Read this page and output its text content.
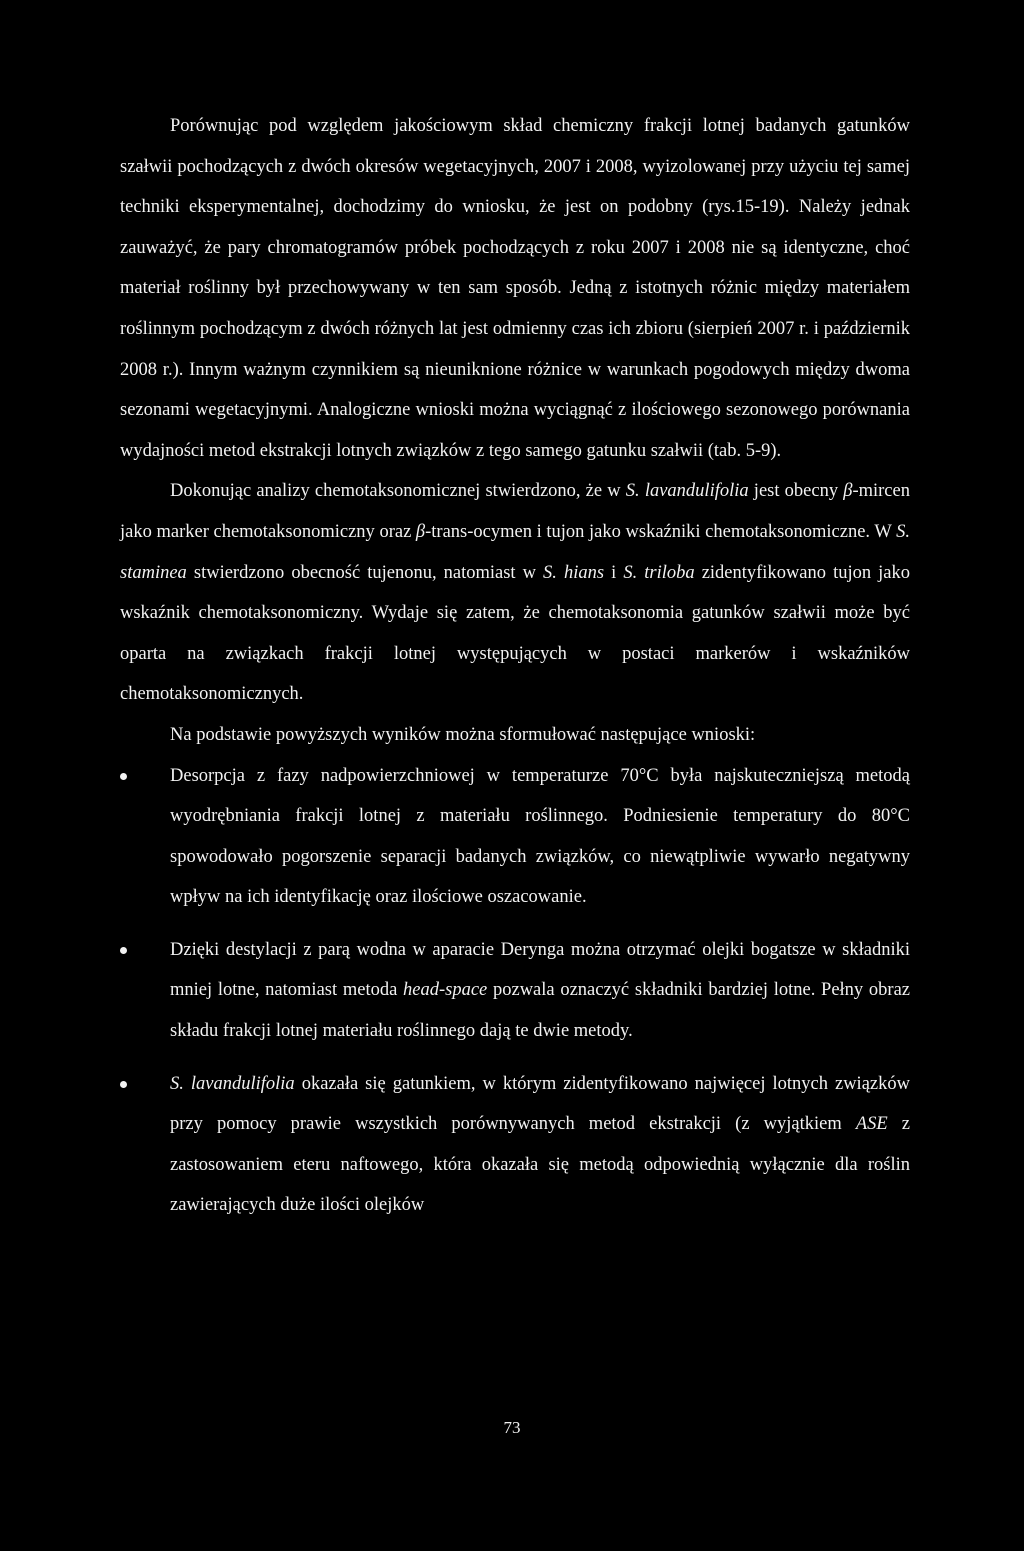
Porównując pod względem jakościowym skład chemiczny frakcji lotnej badanych gatunków szałwii pochodzących z dwóch okresów wegetacyjnych, 2007 i 2008, wyizolowanej przy użyciu tej samej techniki eksperymentalnej, dochodzimy do wniosku, że jest on podobny (rys.15-19). Należy jednak zauważyć, że pary chromatogramów próbek pochodzących z roku 2007 i 2008 nie są identyczne, choć materiał roślinny był przechowywany w ten sam sposób. Jedną z istotnych różnic między materiałem roślinnym pochodzącym z dwóch różnych lat jest odmienny czas ich zbioru (sierpień 2007 r. i październik 2008 r.). Innym ważnym czynnikiem są nieuniknione różnice w warunkach pogodowych między dwoma sezonami wegetacyjnymi. Analogiczne wnioski można wyciągnąć z ilościowego sezonowego porównania wydajności metod ekstrakcji lotnych związków z tego samego gatunku szałwii (tab. 5-9).

Dokonując analizy chemotaksonomicznej stwierdzono, że w S. lavandulifolia jest obecny β-mircen jako marker chemotaksonomiczny oraz β-trans-ocymen i tujon jako wskaźniki chemotaksonomiczne. W S. staminea stwierdzono obecność tujenonu, natomiast w S. hians i S. triloba zidentyfikowano tujon jako wskaźnik chemotaksonomiczny. Wydaje się zatem, że chemotaksonomia gatunków szałwii może być oparta na związkach frakcji lotnej występujących w postaci markerów i wskaźników chemotaksonomicznych.

Na podstawie powyższych wyników można sformułować następujące wnioski:

Desorpcja z fazy nadpowierzchniowej w temperaturze 70°C była najskuteczniejszą metodą wyodrębniania frakcji lotnej z materiału roślinnego. Podniesienie temperatury do 80°C spowodowało pogorszenie separacji badanych związków, co niewątpliwie wywarło negatywny wpływ na ich identyfikację oraz ilościowe oszacowanie.
Dzięki destylacji z parą wodna w aparacie Derynga można otrzymać olejki bogatsze w składniki mniej lotne, natomiast metoda head-space pozwala oznaczyć składniki bardziej lotne. Pełny obraz składu frakcji lotnej materiału roślinnego dają te dwie metody.
S. lavandulifolia okazała się gatunkiem, w którym zidentyfikowano najwięcej lotnych związków przy pomocy prawie wszystkich porównywanych metod ekstrakcji (z wyjątkiem ASE z zastosowaniem eteru naftowego, która okazała się metodą odpowiednią wyłącznie dla roślin zawierających duże ilości olejków
73
